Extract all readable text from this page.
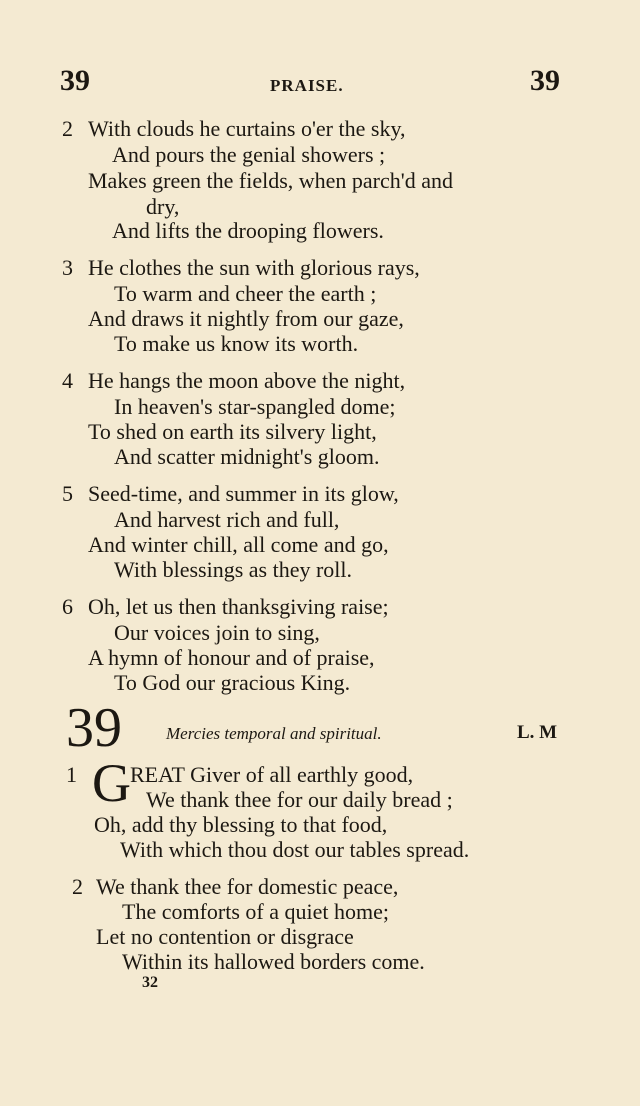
39	PRAISE.	39
2 With clouds he curtains o'er the sky,
And pours the genial showers ;
Makes green the fields, when parch'd and
dry,
And lifts the drooping flowers.
3 He clothes the sun with glorious rays,
To warm and cheer the earth ;
And draws it nightly from our gaze,
To make us know its worth.
4 He hangs the moon above the night,
In heaven's star-spangled dome;
To shed on earth its silvery light,
And scatter midnight's gloom.
5 Seed-time, and summer in its glow,
And harvest rich and full,
And winter chill, all come and go,
With blessings as they roll.
6 Oh, let us then thanksgiving raise;
Our voices join to sing,
A hymn of honour and of praise,
To God our gracious King.
39	Mercies temporal and spiritual.	L. M
1 G REAT Giver of all earthly good,
We thank thee for our daily bread ;
Oh, add thy blessing to that food,
With which thou dost our tables spread.
2 We thank thee for domestic peace,
The comforts of a quiet home;
Let no contention or disgrace
Within its hallowed borders come.
32
